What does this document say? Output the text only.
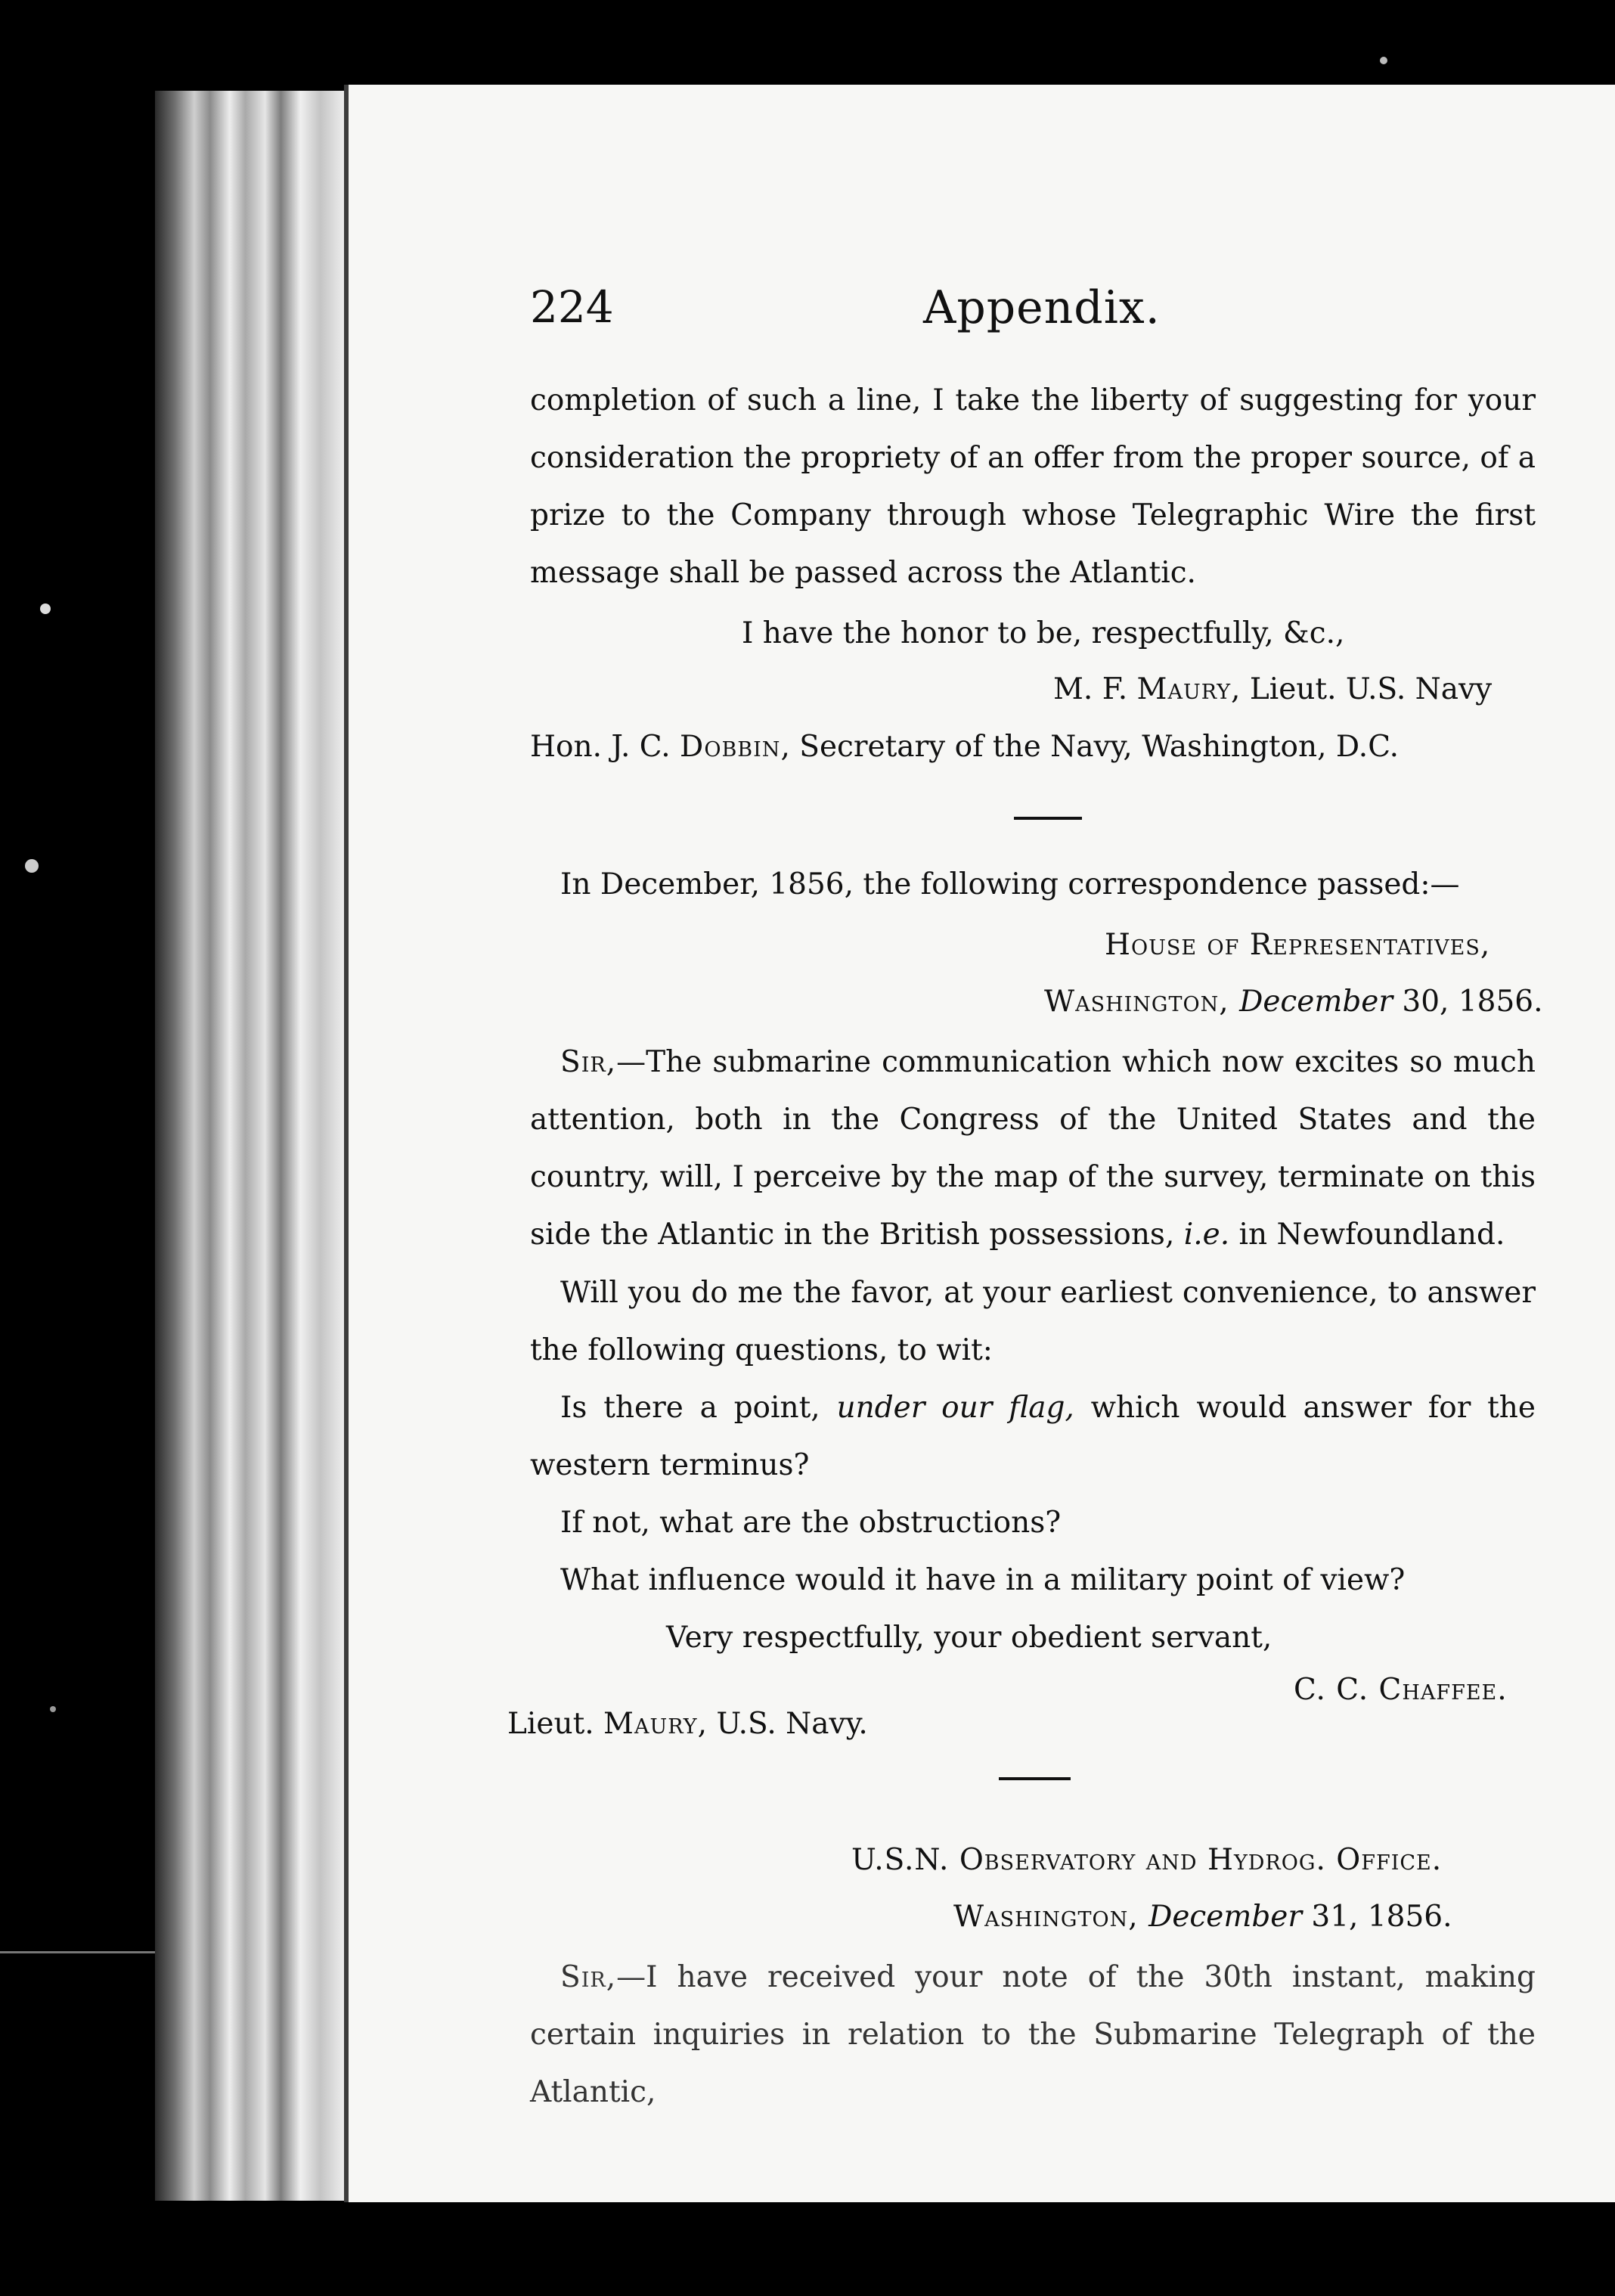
224	Appendix.
completion of such a line, I take the liberty of suggesting for your consideration the propriety of an offer from the proper source, of a prize to the Company through whose Telegraphic Wire the first message shall be passed across the Atlantic.
I have the honor to be, respectfully, &c.,
M. F. Maury, Lieut. U.S. Navy
Hon. J. C. Dobbin, Secretary of the Navy, Washington, D.C.
In December, 1856, the following correspondence passed:—
House of Representatives,
Washington, December 30, 1856.
Sir,—The submarine communication which now excites so much attention, both in the Congress of the United States and the country, will, I perceive by the map of the survey, terminate on this side the Atlantic in the British possessions, i.e. in Newfoundland.
Will you do me the favor, at your earliest convenience, to answer the following questions, to wit:
Is there a point, under our flag, which would answer for the western terminus?
If not, what are the obstructions?
What influence would it have in a military point of view?
Very respectfully, your obedient servant,
C. C. Chaffee.
Lieut. Maury, U.S. Navy.
U.S.N. Observatory and Hydrog. Office.
Washington, December 31, 1856.
Sir,—I have received your note of the 30th instant, making certain inquiries in relation to the Submarine Telegraph of the Atlantic,
